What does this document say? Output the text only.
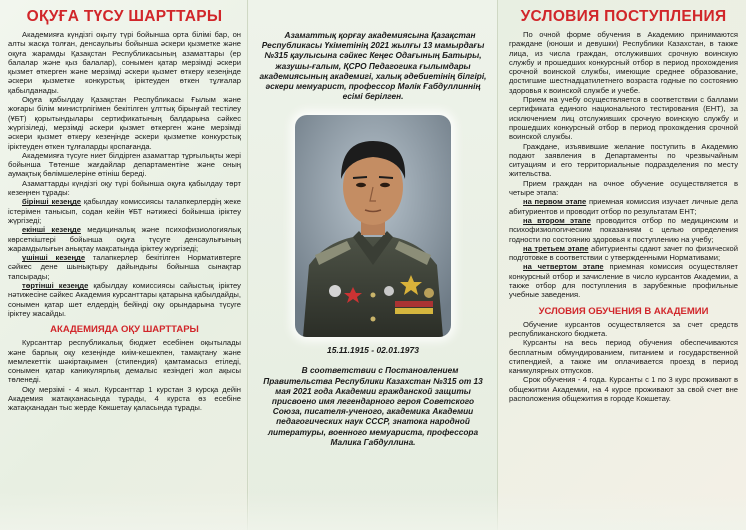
ОҚУҒА ТҮСУ ШАРТТАРЫ

Академияға күндізгі оқыту түрі бойынша орта білімі бар, он алты жасқа толған, денсаулығы бойынша әскери қызметке және оқуға жарамды Қазақстан Республикасының азаматтары (ер балалар және қыз балалар), сонымен қатар мерзімді әскери қызмет өткерген және мерзімді әскери қызмет өткеру кезеңінде әскери қызметке конкурстық іріктеуден өткен тұлғалар қабылданады.

Оқуға қабылдау Қазақстан Республикасы Ғылым және жоғары білім министрлігімен бекітілген ұлттық бірыңғай тестілеу (ҰБТ) қорытындылары сертификатының балдарына сәйкес жүргізіледі, мерзімді әскери қызмет өткерген және мерзімді әскери қызмет өткеру кезеңінде әскери қызметке конкурстық іріктеуден өткен тұлғаларды қоспағанда.

Академияға түсуге ниет білдірген азаматтар тұрғылықты жері бойынша Төтенше жағдайлар департаментіне және оның аумақтық бөлімшелеріне өтініш береді.

Азаматтарды күндізгі оқу түрі бойынша оқуға қабылдау төрт кезеңнен тұрады:

бірінші кезеңде қабылдау комиссиясы талапкерлердің жеке істерімен танысып, содан кейін ҰБТ нәтижесі бойынша іріктеу жүргізеді;

екінші кезеңде медициналық және психофизиологиялық көрсеткіштері бойынша оқуға түсуге денсаулығының жарамдылығын анықтау мақсатында іріктеу жүргізеді;

үшінші кезеңде талапкерлер бекітілген Нормативтерге сәйкес дене шынықтыру дайындығы бойынша сынақтар тапсырады;

төртінші кезеңде қабылдау комиссиясы сайыстық іріктеу нәтижесіне сәйкес Академия курсанттары қатарына қабылдайды, сонымен қатар шет елдердің бейінді оқу орындарына түсуге іріктеу жасайды.

АКАДЕМИЯДА ОҚУ ШАРТТАРЫ

Курсанттар республикалық бюджет есебінен оқытылады және барлық оқу кезеңінде киім-кешекпен, тамақтану және мемлекеттік шәкіртақымен (стипендия) қамтамасыз етіледі, сонымен қатар каникулярлық демалыс кезіндегі жол ақысы төленеді.

Оқу мерзімі - 4 жыл. Курсанттар 1 курстан 3 курсқа дейін Академия жатақханасында тұрады, 4 курста өз есебіне жатақханадан тыс жерде Көкшетау қаласында тұрады.

Азаматтық қорғау академиясына Қазақстан Республикасы Үкіметінің 2021 жылғы 13 мамырдағы №315 қаулысына сәйкес Кеңес Одағының Батыры, жазушы-ғалым, ҚСРО Педагогика ғылымдары академиясының академигі, халық әдебиетінің білгірі, әскери мемуарист, профессор Мәлік Ғабдуллиннің есімі берілген.

15.11.1915 - 02.01.1973

В соответствии с Постановлением Правительства Республики Казахстан №315 от 13 мая 2021 года Академии гражданской защиты присвоено имя легендарного героя Советского Союза, писателя-ученого, академика Академии педагогических наук СССР, знатока народной литературы, военного мемуариста, профессора Малика Габдуллина.

УСЛОВИЯ ПОСТУПЛЕНИЯ

По очной форме обучения в Академию принимаются граждане (юноши и девушки) Республики Казахстан, в также лица, из числа граждан, отслуживших срочную воинскую службу и прошедших конкурсный отбор в период прохождения срочной воинской службы, имеющие среднее образование, достигшие шестнадцатилетнего возраста годные по состоянию здоровья к воинской службе и учебе.

Прием на учебу осуществляется в соответствии с баллами сертификата единого национального тестирования (ЕНТ), за исключением лиц отслуживших срочную воинскую службу и прошедших конкурсный отбор в период прохождения срочной воинской службы.

Граждане, изъявившие желание поступить в Академию подают заявления в Департаменты по чрезвычайным ситуациям и его территориальные подразделения по месту жительства.

Прием граждан на очное обучение осуществляется в четыре этапа:

на первом этапе приемная комиссия изучает личные дела абитуриентов и проводит отбор по результатам ЕНТ;

на втором этапе проводится отбор по медицинским и психофизиологическим показаниям с целью определения годности по состоянию здоровья к поступлению на учебу;

на третьем этапе абитуриенты сдают зачет по физической подготовке в соответствии с утвержденными Нормативами;

на четвертом этапе приемная комиссия осуществляет конкурсный отбор и зачисление в число курсантов Академии, а также отбор для поступления в зарубежные профильные учебные заведения.

УСЛОВИЯ ОБУЧЕНИЯ В АКАДЕМИИ

Обучение курсантов осуществляется за счет средств республиканского бюджета.

Курсанты на весь период обучения обеспечиваются бесплатным обмундированием, питанием и государственной стипендией, а также им оплачивается проезд в период каникулярных отпусков.

Срок обучения - 4 года. Курсанты с 1 по 3 курс проживают в общежитии Академии, на 4 курсе проживают за свой счет вне расположения общежития в городе Кокшетау.
